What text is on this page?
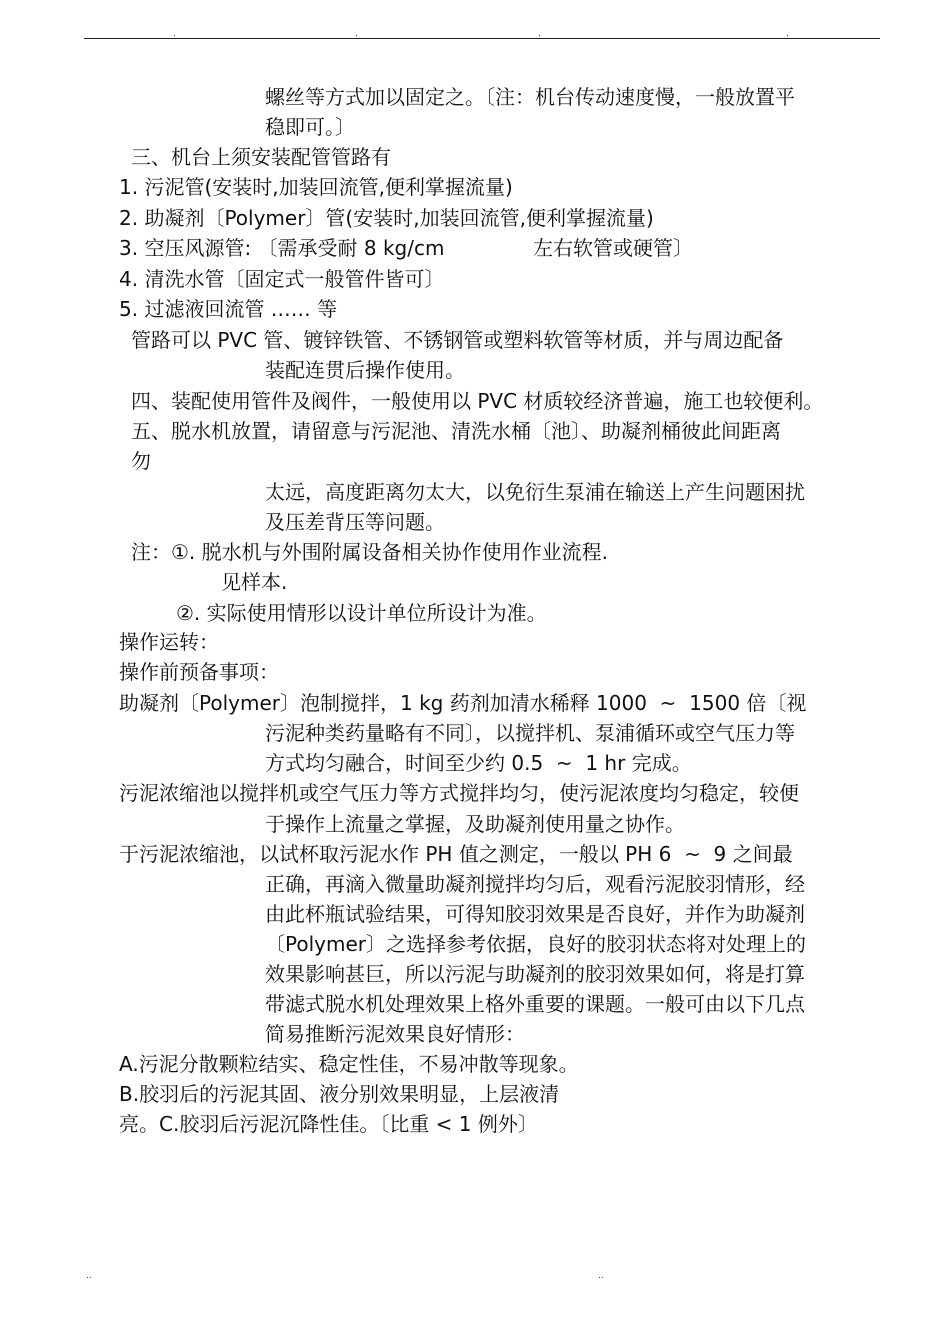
.	.	.	.
螺丝等方式加以固定之。〔注：机台传动速度慢，一般放置平
稳即可。〕
三、机台上须安装配管管路有
1. 污泥管(安装时,加装回流管,便利掌握流量)
2. 助凝剂〔Polymer〕管(安装时,加装回流管,便利掌握流量)
3. 空压风源管: 〔需承受耐 8 kg/cm	左右软管或硬管〕
4. 清洗水管〔固定式一般管件皆可〕
5. 过滤液回流管 …… 等
管路可以 PVC 管、镀锌铁管、不锈钢管或塑料软管等材质，并与周边配备
装配连贯后操作使用。
四、装配使用管件及阀件，一般使用以 PVC 材质较经济普遍，施工也较便利。
五、脱水机放置，请留意与污泥池、清洗水桶〔池〕、助凝剂桶彼此间距离
勿
太远，高度距离勿太大，以免衍生泵浦在输送上产生问题困扰
及压差背压等问题。
注：①. 脱水机与外围附属设备相关协作使用作业流程.
见样本.
②. 实际使用情形以设计单位所设计为准。
操作运转：
操作前预备事项：
助凝剂〔Polymer〕泡制搅拌，1 kg 药剂加清水稀释 1000  ~  1500 倍〔视
污泥种类药量略有不同〕，以搅拌机、泵浦循环或空气压力等
方式均匀融合，时间至少约 0.5  ~  1 hr 完成。
污泥浓缩池以搅拌机或空气压力等方式搅拌均匀，使污泥浓度均匀稳定，较便
于操作上流量之掌握，及助凝剂使用量之协作。
于污泥浓缩池，以试杯取污泥水作 PH 值之测定，一般以 PH 6  ~  9 之间最
正确，再滴入微量助凝剂搅拌均匀后，观看污泥胶羽情形，经
由此杯瓶试验结果，可得知胶羽效果是否良好，并作为助凝剂
〔Polymer〕之选择参考依据，良好的胶羽状态将对处理上的
效果影响甚巨，所以污泥与助凝剂的胶羽效果如何，将是打算
带滤式脱水机处理效果上格外重要的课题。一般可由以下几点
简易推断污泥效果良好情形：
A.污泥分散颗粒结实、稳定性佳，不易冲散等现象。
B.胶羽后的污泥其固、液分别效果明显，上层液清
亮。C.胶羽后污泥沉降性佳。〔比重 < 1 例外〕
..	..
